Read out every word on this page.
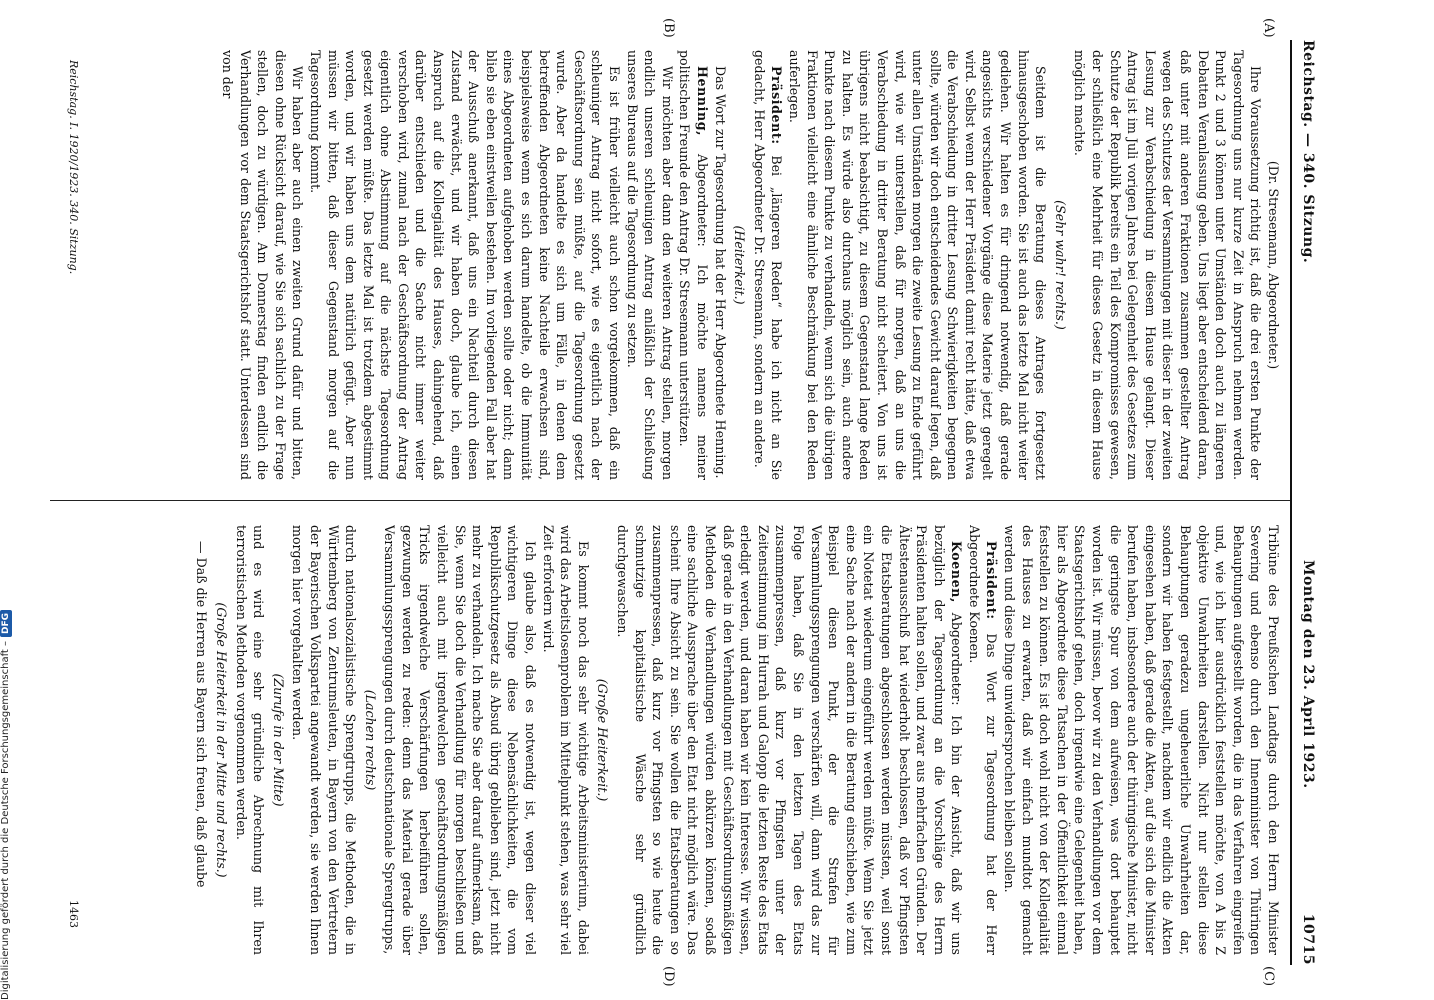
Reichstag. — 340. Sitzung.
Montag den 23. April 1923.
10715
(A)
(B)
(C)
(D)

(Dr. Stresemann, Abgeordneter.)

Ihre Voraussetzung richtig ist, daß die drei ersten Punkte der Tagesordnung uns nur kurze Zeit in Anspruch nehmen werden. Punkt 2 und 3 können unter Umständen doch auch zu längeren Debatten Veranlassung geben. Uns liegt aber entscheidend daran, daß unter mit anderen Fraktionen zusammen gestellter Antrag wegen des Schutzes der Versammlungen mit dieser in der zweiten Lesung zur Verabschiedung in diesem Hause gelangt. Dieser Antrag ist im Juli vorigen Jahres bei Gelegenheit des Gesetzes zum Schutze der Republik bereits ein Teil des Kompromisses gewesen, der schließlich eine Mehrheit für dieses Gesetz in diesem Hause möglich machte.

(Sehr wahr! rechts.)

Seitdem ist die Beratung dieses Antrages fortgesetzt hinausgeschoben worden. Sie ist auch das letzte Mal nicht weiter gediehen. Wir halten es für dringend notwendig, daß gerade angesichts verschiedener Vorgänge diese Materie jetzt geregelt wird. Selbst wenn der Herr Präsident damit recht hätte, daß etwa die Verabschiedung in dritter Lesung Schwierigkeiten begegnen sollte, würden wir doch entscheidendes Gewicht darauf legen, daß unter allen Umständen morgen die zweite Lesung zu Ende geführt wird, wie wir unterstellen, daß für morgen, daß an uns die Verabschiedung in dritter Beratung nicht scheitert. Von uns ist übrigens nicht beabsichtigt, zu diesem Gegenstand lange Reden zu halten. Es würde also durchaus möglich sein, auch andere Punkte nach diesem Punkte zu verhandeln, wenn sich die übrigen Fraktionen vielleicht eine ähnliche Beschränkung bei den Reden auferlegen.

Präsident: Bei „längeren Reden“ habe ich nicht an Sie gedacht, Herr Abgeordneter Dr. Stresemann, sondern an andere.

(Heiterkeit.)

Das Wort zur Tagesordnung hat der Herr Abgeordnete Henning.

Henning, Abgeordneter: Ich möchte namens meiner politischen Freunde den Antrag Dr. Stresemann unterstützen.

Wir möchten aber dann den weiteren Antrag stellen, morgen endlich unseren schleunigen Antrag anläßlich der Schließung unseres Bureaus auf die Tagesordnung zu setzen.

Es ist früher vielleicht auch schon vorgekommen, daß ein schleuniger Antrag nicht sofort, wie es eigentlich nach der Geschäftsordnung sein müßte, auf die Tagesordnung gesetzt wurde. Aber da handelte es sich um Fälle, in denen dem betreffenden Abgeordneten keine Nachteile erwachsen sind, beispielsweise wenn es sich darum handelte, ob die Immunität eines Abgeordneten aufgehoben werden sollte oder nicht; dann blieb sie eben einstweilen bestehen. Im vorliegenden Fall aber hat der Ausschuß anerkannt, daß uns ein Nachteil durch diesen Zustand erwächst, und wir haben doch, glaube ich, einen Anspruch auf die Kollegialität des Hauses, dahingehend, daß darüber entschieden und die Sache nicht immer weiter verschoben wird, zumal nach der Geschäftsordnung der Antrag eigentlich ohne Abstimmung auf die nächste Tagesordnung gesetzt werden müßte. Das letzte Mal ist trotzdem abgestimmt worden, und wir haben uns dem natürlich gefügt. Aber nun müssen wir bitten, daß dieser Gegenstand morgen auf die Tagesordnung kommt.

Wir haben aber auch einen zweiten Grund dafür und bitten, diesen ohne Rücksicht darauf, wie Sie sich sachlich zu der Frage stellen, doch zu würdigen. Am Donnerstag finden endlich die Verhandlungen vor dem Staatsgerichtshof statt. Unterdessen sind von der

Tribüne des Preußischen Landtags durch den Herrn Minister Severing und ebenso durch den Innenminister von Thüringen Behauptungen aufgestellt worden, die in das Verfahren eingreifen und, wie ich hier ausdrücklich feststellen möchte, von A bis Z objektive Unwahrheiten darstellen. Nicht nur stellen diese Behauptungen geradezu ungeheuerliche Unwahrheiten dar, sondern wir haben festgestellt, nachdem wir endlich die Akten eingesehen haben, daß gerade die Akten, auf die sich die Minister berufen haben, insbesondere auch der thüringische Minister, nicht die geringste Spur von dem aufweisen, was dort behauptet worden ist. Wir müssen, bevor wir zu den Verhandlungen vor dem Staatsgerichtshof gehen, doch irgendwie eine Gelegenheit haben, hier als Abgeordnete diese Tatsachen in der Öffentlichkeit einmal feststellen zu können. Es ist doch wohl nicht von der Kollegialität des Hauses zu erwarten, daß wir einfach mundtot gemacht werden und diese Dinge unwidersprochen bleiben sollen.

Präsident: Das Wort zur Tagesordnung hat der Herr Abgeordnete Koenen.

Koenen, Abgeordneter: Ich bin der Ansicht, daß wir uns bezüglich der Tagesordnung an die Vorschläge des Herrn Präsidenten halten sollen, und zwar aus mehrfachen Gründen. Der Ältestenausschuß hat wiederholt beschlossen, daß vor Pfingsten die Etatsberatungen abgeschlossen werden müssten, weil sonst ein Notetat wiederum eingeführt werden müßte. Wenn Sie jetzt eine Sache nach der andern in die Beratung einschieben, wie zum Beispiel diesen Punkt, der die Strafen für Versammlungssprengungen verschärfen will, dann wird das zur Folge haben, daß Sie in den letzten Tagen des Etats zusammenpressen, daß kurz vor Pfingsten unter der Zeitenstimmung im Hurrah und Galopp die letzten Reste des Etats erledigt werden, und daran haben wir kein Interesse. Wir wissen, daß gerade in den Verhandlungen mit Geschäftsordnungsmäßigen Methoden die Verhandlungen würden abkürzen können, sodaß eine sachliche Aussprache über den Etat nicht möglich wäre. Das scheint Ihre Absicht zu sein. Sie wollen die Etatsberatungen so zusammenpressen, daß kurz vor Pfingsten so wie heute die schmutzige kapitalistische Wäsche sehr gründlich durchgewaschen.

(Große Heiterkeit.)

Es kommt noch das sehr wichtige Arbeitsministerium, dabei wird das Arbeitslosenproblem im Mittelpunkt stehen, was sehr viel Zeit erfordern wird.

Ich glaube also, daß es notwendig ist, wegen dieser viel wichtigeren Dinge diese Nebensächlichkeiten, die vom Republikschutzgesetz als Absud übrig geblieben sind, jetzt nicht mehr zu verhandeln. Ich mache Sie aber darauf aufmerksam, daß Sie, wenn Sie doch die Verhandlung für morgen beschließen und vielleicht auch mit irgendwelchen geschäftsordnungsmäßigen Tricks irgendwelche Verschärfungen herbeiführen sollen, gezwungen werden zu reden: denn das Material gerade über Versammlungssprengungen durch deutschnationale Sprengtrupps,

(Lachen rechts)

durch nationalsozialistische Sprengtrupps, die Methoden, die in Württemberg von Zentrumsleuten, in Bayern von den Vertretern der Bayerischen Volkspartei angewandt werden, sie werden Ihnen morgen hier vorgehalten werden.

(Zurufe in der Mitte)

und es wird eine sehr gründliche Abrechnung mit Ihren terroristischen Methoden vorgenommen werden.

(Große Heiterkeit in der Mitte und rechts.)

— Daß die Herren aus Bayern sich freuen, daß glaube

Reichstag. I. 1920/1923. 340. Sitzung.
1463
Digitalisierung gefördert durch die Deutsche Forschungsgemeinschaft –DFG
